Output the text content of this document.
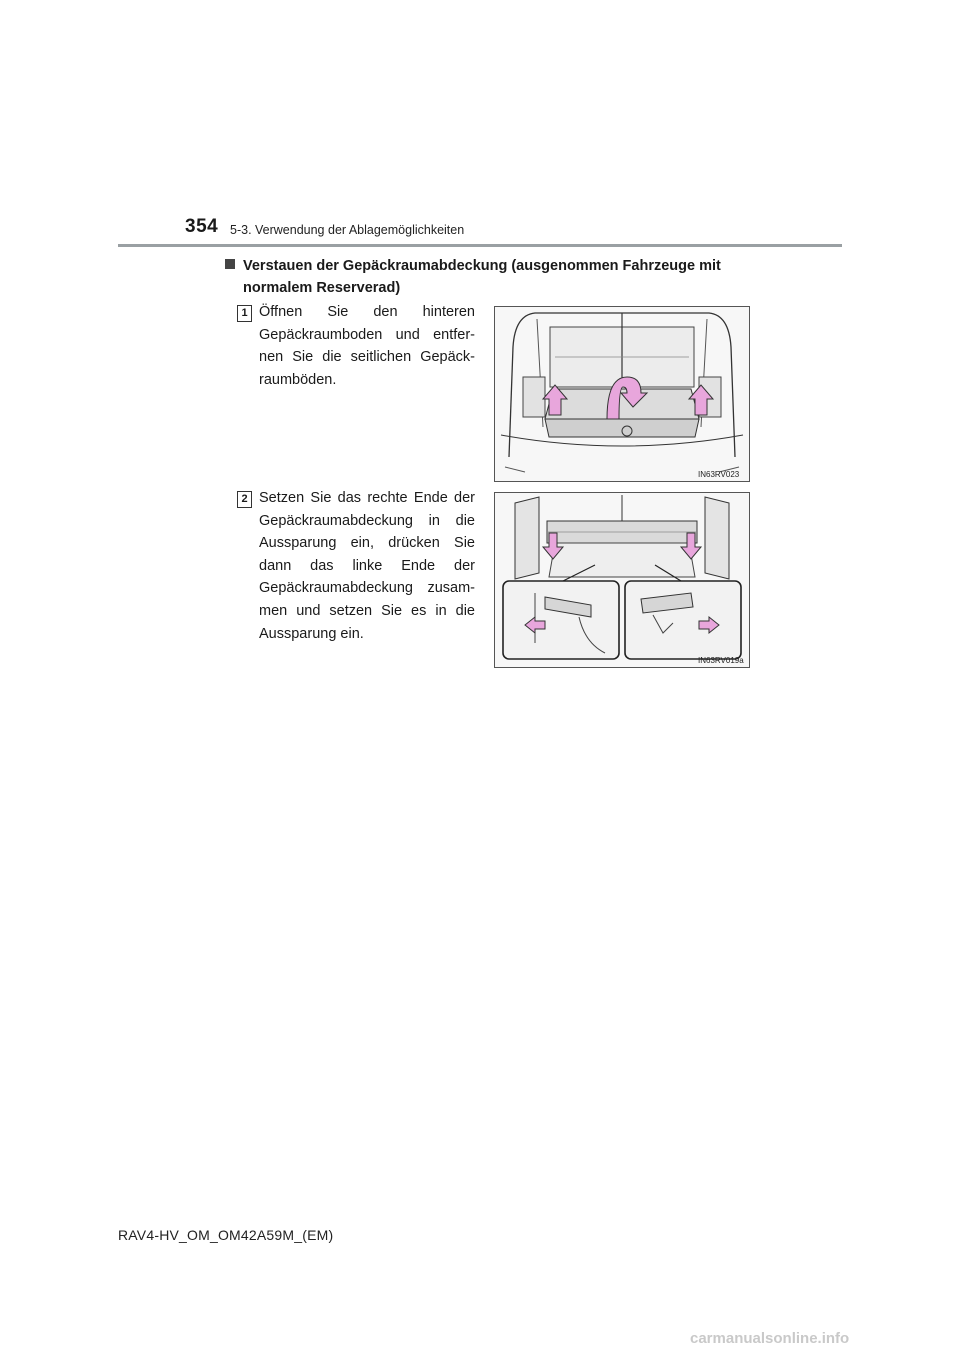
354 5-3. Verwendung der Ablagemöglichkeiten
Verstauen der Gepäckraumabdeckung (ausgenommen Fahrzeuge mit
normalem Reserverad)
1 Öffnen Sie den hinteren Gepäckraumboden und entfer-nen Sie die seitlichen Gepäck-raumböden.
IN63RV023
2 Setzen Sie das rechte Ende der Gepäckraumabdeckung in die Aussparung ein, drücken Sie dann das linke Ende der Gepäckraumabdeckung zusam-men und setzen Sie es in die Aussparung ein.
IN63RV019a
RAV4-HV_OM_OM42A59M_(EM)
carmanualsonline.info
